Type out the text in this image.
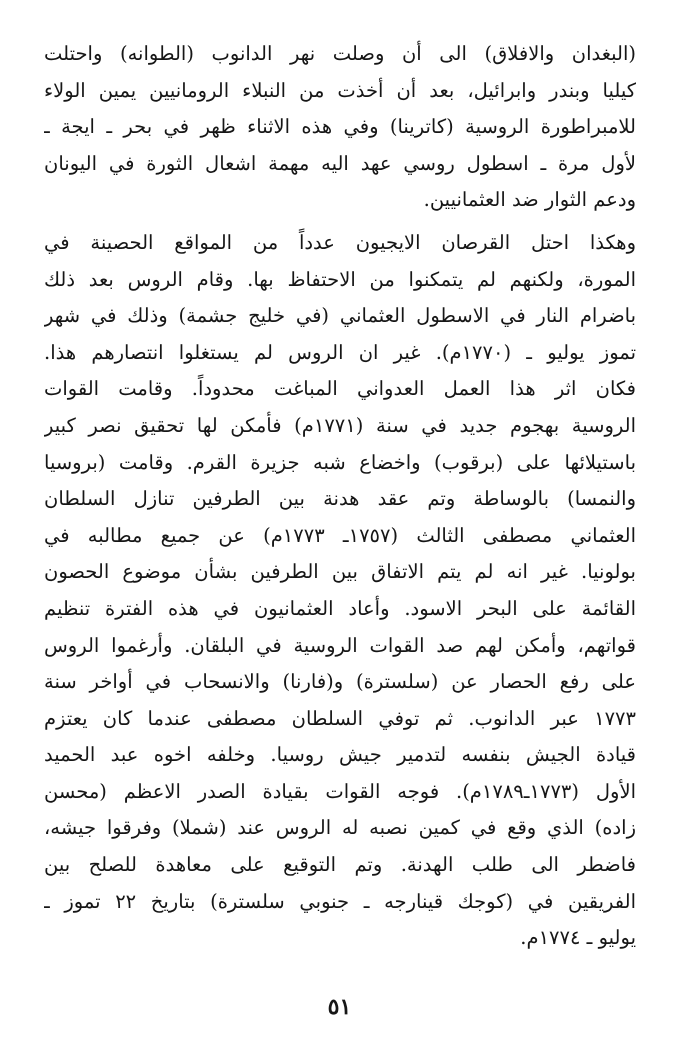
(البغدان والافلاق) الى أن وصلت نهر الدانوب (الطوانه) واحتلت
كيليا وبندر وابرائيل، بعد أن أخذت من النبلاء الرومانيين يمين الولاء
للامبراطورة الروسية (كاترينا) وفي هذه الاثناء ظهر في بحر ـ ايجة ـ
لأول مرة ـ اسطول روسي عهد اليه مهمة اشعال الثورة في اليونان
ودعم الثوار ضد العثمانيين.
وهكذا احتل القرصان الايجيون عدداً من المواقع الحصينة في
المورة، ولكنهم لم يتمكنوا من الاحتفاظ بها. وقام الروس بعد ذلك
باضرام النار في الاسطول العثماني (في خليج جشمة) وذلك في شهر
تموز يوليو ـ (١٧٧٠م). غير ان الروس لم يستغلوا انتصارهم هذا.
فكان اثر هذا العمل العدواني المباغت محدوداً. وقامت القوات
الروسية بهجوم جديد في سنة (١٧٧١م) فأمكن لها تحقيق نصر كبير
باستيلائها على (برقوب) واخضاع شبه جزيرة القرم. وقامت (بروسيا
والنمسا) بالوساطة وتم عقد هدنة بين الطرفين تنازل السلطان
العثماني مصطفى الثالث (١٧٥٧ـ ١٧٧٣م) عن جميع مطالبه في
بولونيا. غير انه لم يتم الاتفاق بين الطرفين بشأن موضوع الحصون
القائمة على البحر الاسود. وأعاد العثمانيون في هذه الفترة تنظيم
قواتهم، وأمكن لهم صد القوات الروسية في البلقان. وأرغموا الروس
على رفع الحصار عن (سلسترة) و(فارنا) والانسحاب في أواخر سنة
١٧٧٣ عبر الدانوب. ثم توفي السلطان مصطفى عندما كان يعتزم
قيادة الجيش بنفسه لتدمير جيش روسيا. وخلفه اخوه عبد الحميد
الأول (١٧٧٣ـ١٧٨٩م). فوجه القوات بقيادة الصدر الاعظم (محسن
زاده) الذي وقع في كمين نصبه له الروس عند (شملا) وفرقوا جيشه،
فاضطر الى طلب الهدنة. وتم التوقيع على معاهدة للصلح بين
الفريقين في (كوجك قينارجه ـ جنوبي سلسترة) بتاريخ ٢٢ تموز ـ
يوليو ـ ١٧٧٤م.
٥١
